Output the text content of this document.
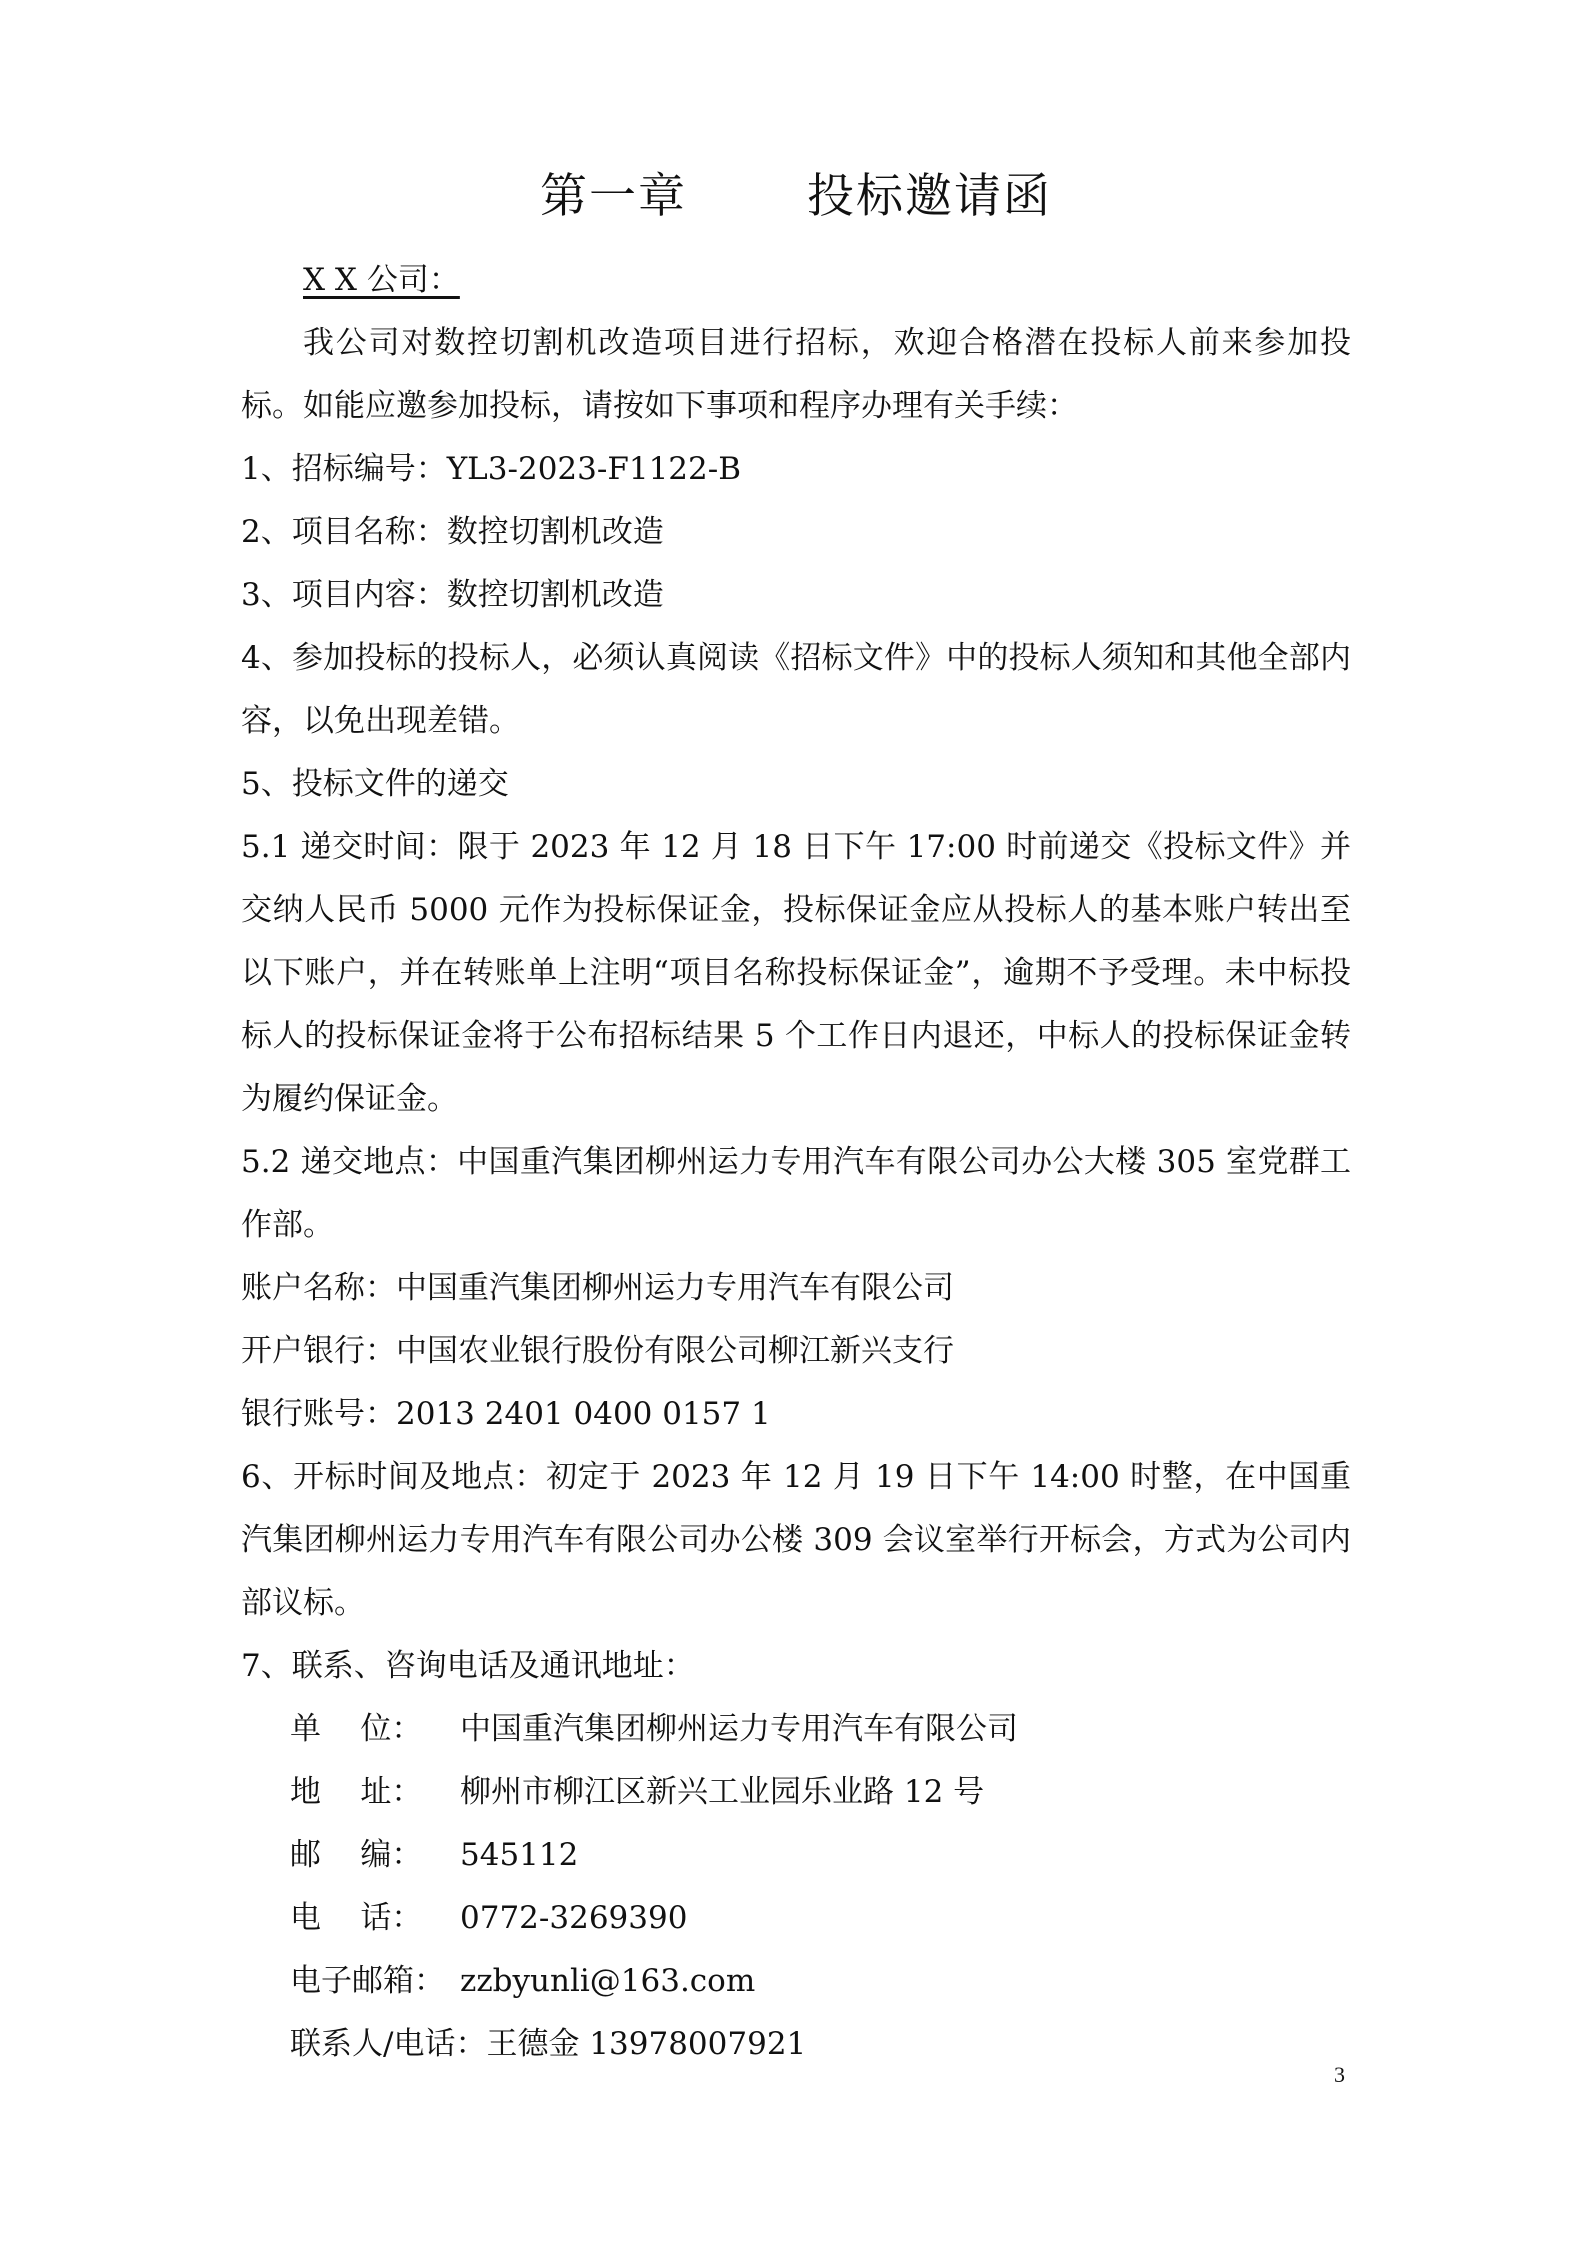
第一章	投标邀请函

X X 公司：

我公司对数控切割机改造项目进行招标，欢迎合格潜在投标人前来参加投标。如能应邀参加投标，请按如下事项和程序办理有关手续：

1、招标编号：YL3-2023-F1122-B

2、项目名称：数控切割机改造

3、项目内容：数控切割机改造

4、参加投标的投标人，必须认真阅读《招标文件》中的投标人须知和其他全部内容，以免出现差错。

5、投标文件的递交

5.1 递交时间：限于 2023 年 12 月 18 日下午 17:00 时前递交《投标文件》并交纳人民币 5000 元作为投标保证金，投标保证金应从投标人的基本账户转出至以下账户，并在转账单上注明“项目名称投标保证金”，逾期不予受理。未中标投标人的投标保证金将于公布招标结果 5 个工作日内退还，中标人的投标保证金转为履约保证金。

5.2 递交地点：中国重汽集团柳州运力专用汽车有限公司办公大楼 305 室党群工作部。

账户名称：中国重汽集团柳州运力专用汽车有限公司

开户银行：中国农业银行股份有限公司柳江新兴支行

银行账号：2013 2401 0400 0157 1

6、开标时间及地点：初定于 2023 年 12 月 19 日下午 14:00 时整，在中国重汽集团柳州运力专用汽车有限公司办公楼 309 会议室举行开标会，方式为公司内部议标。

7、联系、咨询电话及通讯地址：

单    位：	中国重汽集团柳州运力专用汽车有限公司
地    址：	柳州市柳江区新兴工业园乐业路 12 号
邮    编：	545112
电    话：	0772-3269390
电子邮箱： zzbyunli@163.com
联系人/电话： 王德金 13978007921
3
